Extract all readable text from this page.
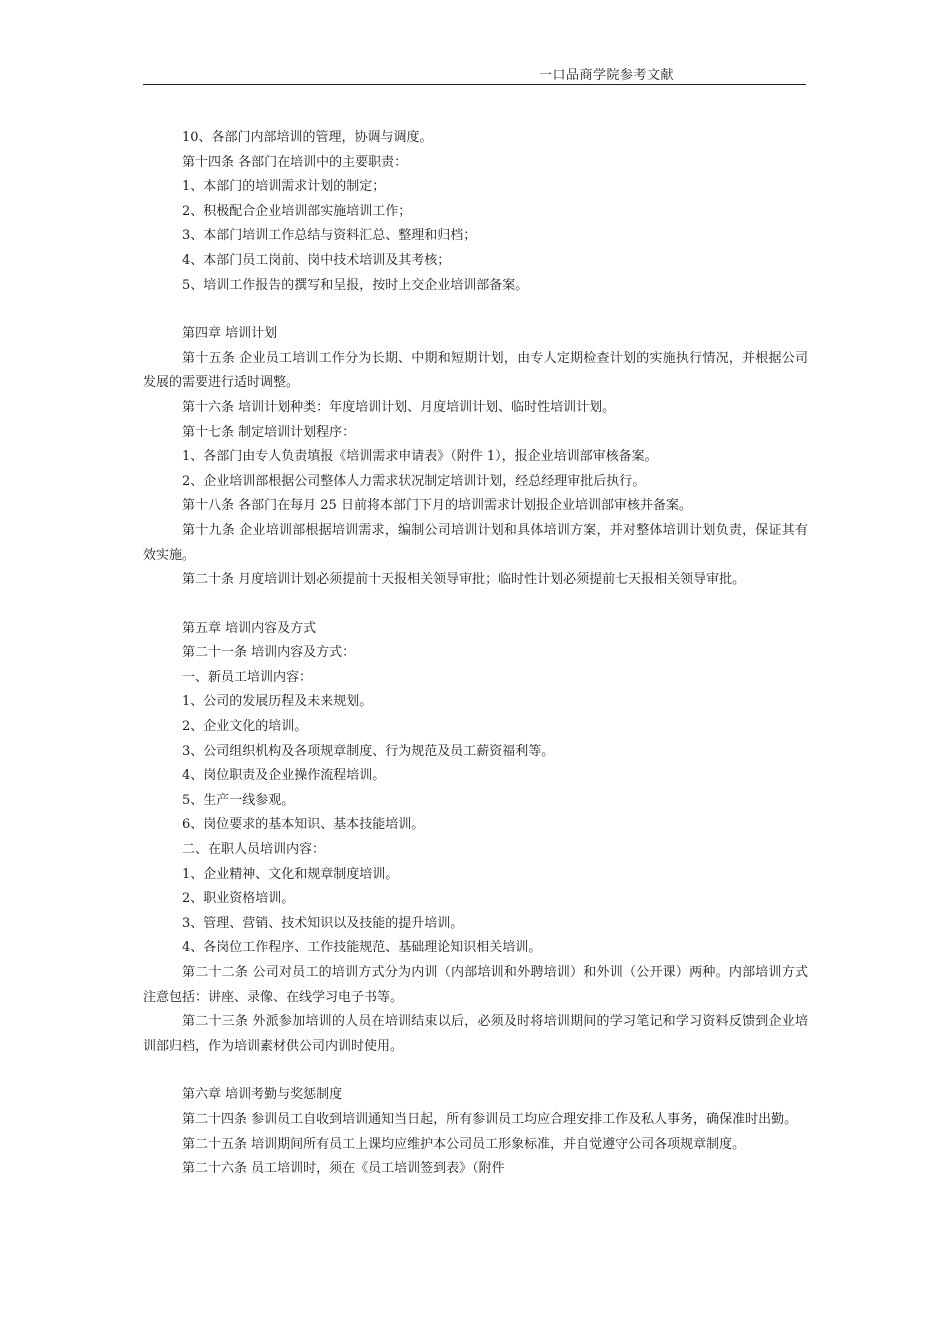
一口品商学院参考文献

10、各部门内部培训的管理，协调与调度。

第十四条 各部门在培训中的主要职责：

1、本部门的培训需求计划的制定；

2、积极配合企业培训部实施培训工作；

3、本部门培训工作总结与资料汇总、整理和归档；

4、本部门员工岗前、岗中技术培训及其考核；

5、培训工作报告的撰写和呈报，按时上交企业培训部备案。

第四章 培训计划

第十五条 企业员工培训工作分为长期、中期和短期计划，由专人定期检查计划的实施执行情况，并根据公司发展的需要进行适时调整。

第十六条 培训计划种类：年度培训计划、月度培训计划、临时性培训计划。

第十七条 制定培训计划程序：

1、各部门由专人负责填报《培训需求申请表》（附件 1），报企业培训部审核备案。

2、企业培训部根据公司整体人力需求状况制定培训计划，经总经理审批后执行。

第十八条 各部门在每月 25 日前将本部门下月的培训需求计划报企业培训部审核并备案。

第十九条 企业培训部根据培训需求，编制公司培训计划和具体培训方案，并对整体培训计划负责，保证其有效实施。

第二十条 月度培训计划必须提前十天报相关领导审批；临时性计划必须提前七天报相关领导审批。

第五章 培训内容及方式

第二十一条 培训内容及方式：

一、新员工培训内容：

1、公司的发展历程及未来规划。

2、企业文化的培训。

3、公司组织机构及各项规章制度、行为规范及员工薪资福利等。

4、岗位职责及企业操作流程培训。

5、生产一线参观。

6、岗位要求的基本知识、基本技能培训。

二、在职人员培训内容：

1、企业精神、文化和规章制度培训。

2、职业资格培训。

3、管理、营销、技术知识以及技能的提升培训。

4、各岗位工作程序、工作技能规范、基础理论知识相关培训。

第二十二条 公司对员工的培训方式分为内训（内部培训和外聘培训）和外训（公开课）两种。内部培训方式注意包括：讲座、录像、在线学习电子书等。

第二十三条 外派参加培训的人员在培训结束以后，必须及时将培训期间的学习笔记和学习资料反馈到企业培训部归档，作为培训素材供公司内训时使用。

第六章 培训考勤与奖惩制度

第二十四条 参训员工自收到培训通知当日起，所有参训员工均应合理安排工作及私人事务，确保准时出勤。

第二十五条 培训期间所有员工上课均应维护本公司员工形象标准，并自觉遵守公司各项规章制度。

第二十六条 员工培训时，须在《员工培训签到表》（附件
